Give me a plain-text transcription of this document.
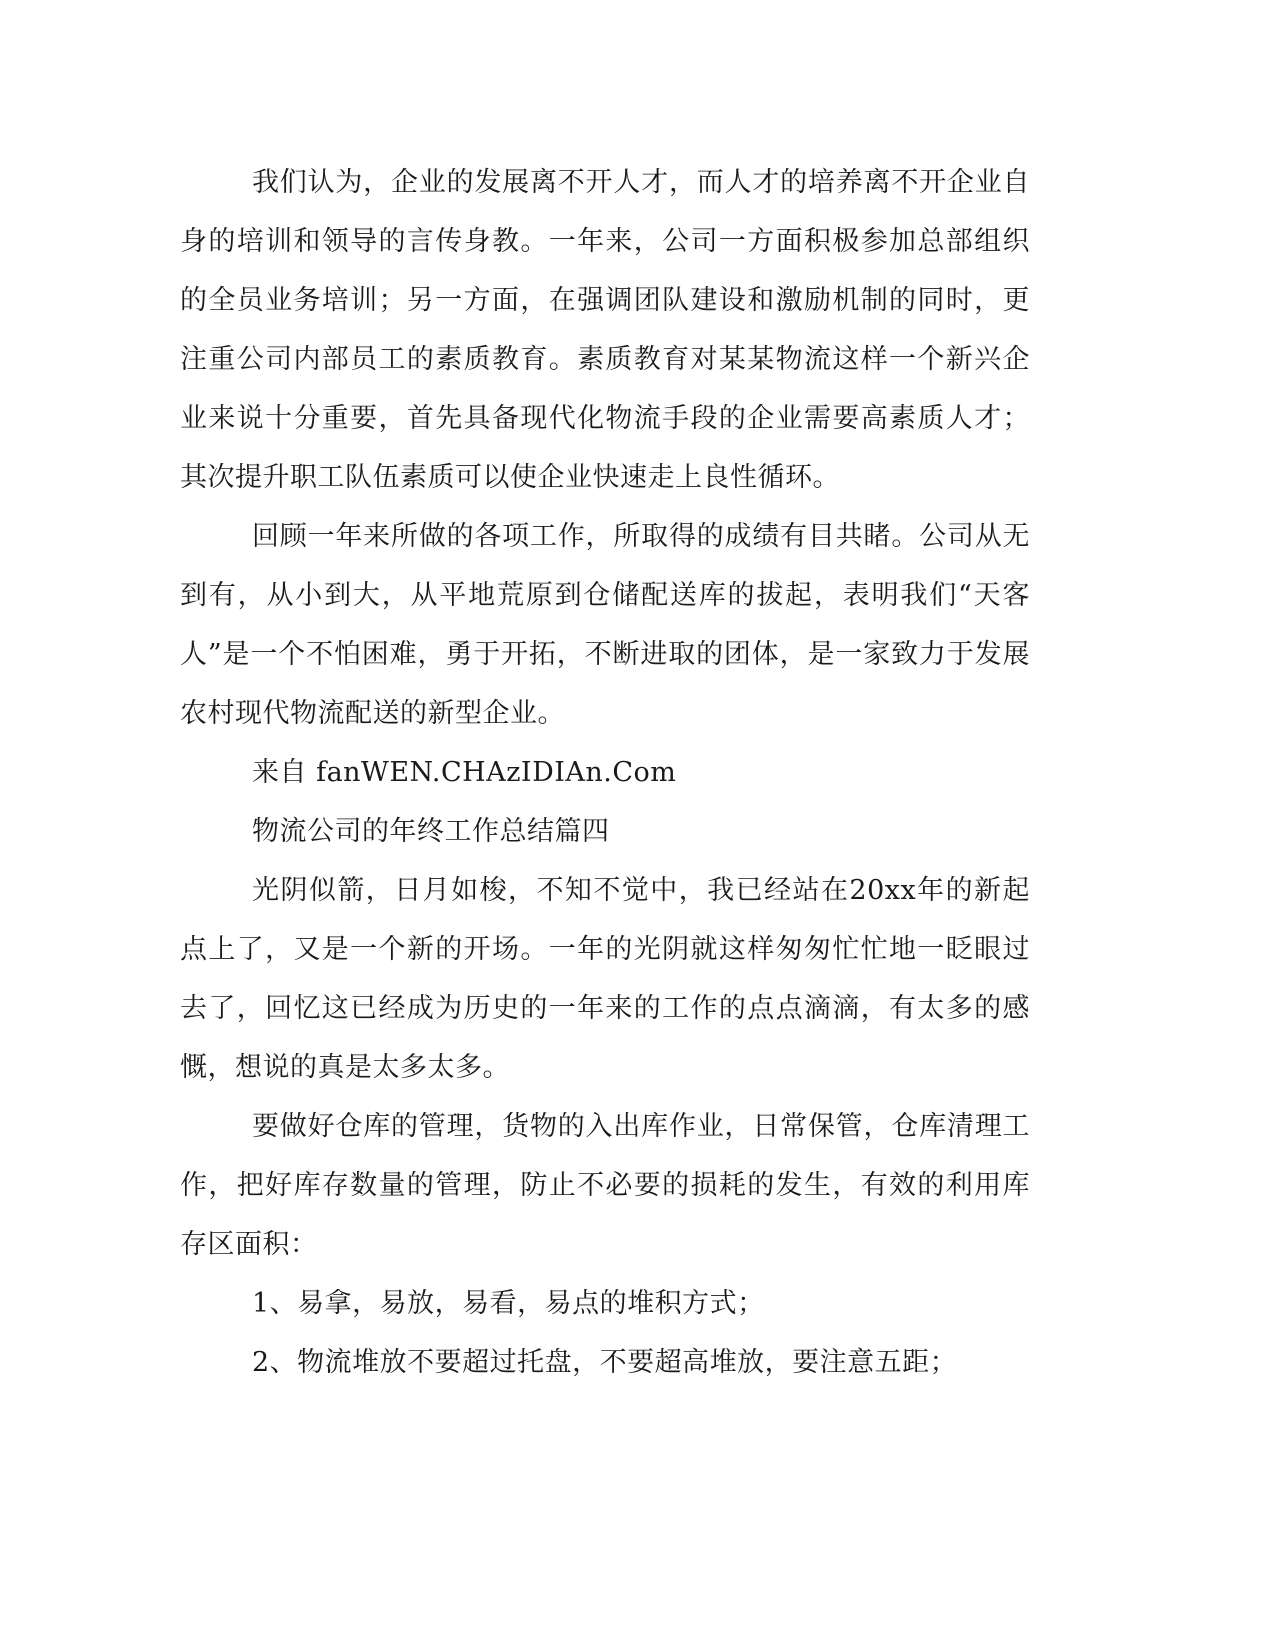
我们认为，企业的发展离不开人才，而人才的培养离不开企业自身的培训和领导的言传身教。一年来，公司一方面积极参加总部组织的全员业务培训；另一方面，在强调团队建设和激励机制的同时，更注重公司内部员工的素质教育。素质教育对某某物流这样一个新兴企业来说十分重要，首先具备现代化物流手段的企业需要高素质人才；其次提升职工队伍素质可以使企业快速走上良性循环。

回顾一年来所做的各项工作，所取得的成绩有目共睹。公司从无到有，从小到大，从平地荒原到仓储配送库的拔起，表明我们“天客人”是一个不怕困难，勇于开拓，不断进取的团体，是一家致力于发展农村现代物流配送的新型企业。

来自 fanWEN.CHAzIDIAn.Com

物流公司的年终工作总结篇四

光阴似箭，日月如梭，不知不觉中，我已经站在20xx年的新起点上了，又是一个新的开场。一年的光阴就这样匆匆忙忙地一眨眼过去了，回忆这已经成为历史的一年来的工作的点点滴滴，有太多的感慨，想说的真是太多太多。

要做好仓库的管理，货物的入出库作业，日常保管，仓库清理工作，把好库存数量的管理，防止不必要的损耗的发生，有效的利用库存区面积：

1、易拿，易放，易看，易点的堆积方式；

2、物流堆放不要超过托盘，不要超高堆放，要注意五距；
